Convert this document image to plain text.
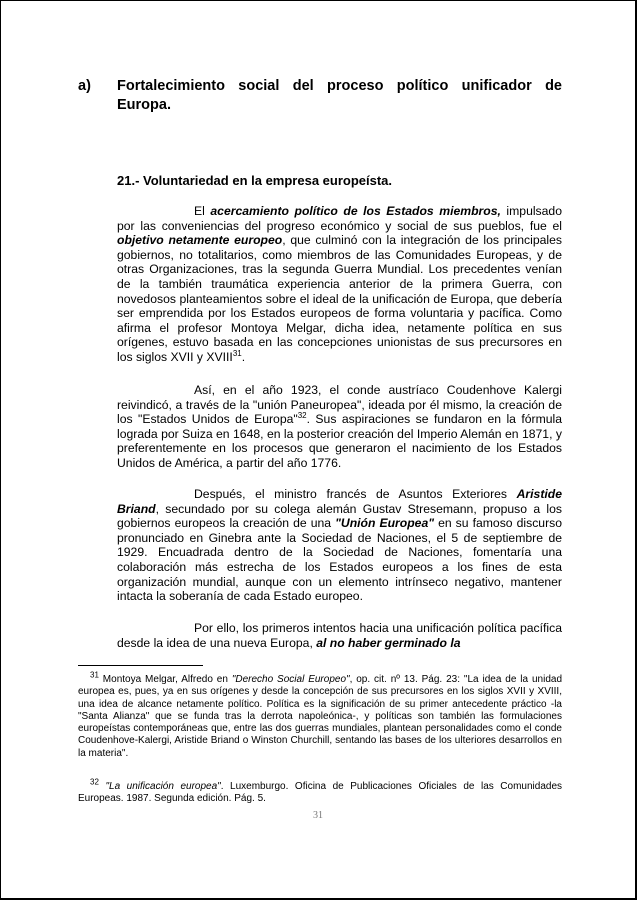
a) Fortalecimiento social del proceso político unificador de Europa.
21.- Voluntariedad en la empresa europeísta.
El acercamiento político de los Estados miembros, impulsado por las conveniencias del progreso económico y social de sus pueblos, fue el objetivo netamente europeo, que culminó con la integración de los principales gobiernos, no totalitarios, como miembros de las Comunidades Europeas, y de otras Organizaciones, tras la segunda Guerra Mundial. Los precedentes venían de la también traumática experiencia anterior de la primera Guerra, con novedosos planteamientos sobre el ideal de la unificación de Europa, que debería ser emprendida por los Estados europeos de forma voluntaria y pacífica. Como afirma el profesor Montoya Melgar, dicha idea, netamente política en sus orígenes, estuvo basada en las concepciones unionistas de sus precursores en los siglos XVII y XVIII$^{31}$.
Así, en el año 1923, el conde austríaco Coudenhove Kalergi reivindicó, a través de la "unión Paneuropea", ideada por él mismo, la creación de los "Estados Unidos de Europa"$^{32}$. Sus aspiraciones se fundaron en la fórmula lograda por Suiza en 1648, en la posterior creación del Imperio Alemán en 1871, y preferentemente en los procesos que generaron el nacimiento de los Estados Unidos de América, a partir del año 1776.
Después, el ministro francés de Asuntos Exteriores Aristide Briand, secundado por su colega alemán Gustav Stresemann, propuso a los gobiernos europeos la creación de una "Unión Europea" en su famoso discurso pronunciado en Ginebra ante la Sociedad de Naciones, el 5 de septiembre de 1929. Encuadrada dentro de la Sociedad de Naciones, fomentaría una colaboración más estrecha de los Estados europeos a los fines de esta organización mundial, aunque con un elemento intrínseco negativo, mantener intacta la soberanía de cada Estado europeo.
Por ello, los primeros intentos hacia una unificación política pacífica desde la idea de una nueva Europa, al no haber germinado la
$^{31}$ Montoya Melgar, Alfredo en "Derecho Social Europeo", op. cit. nº 13. Pág. 23: "La idea de la unidad europea es, pues, ya en sus orígenes y desde la concepción de sus precursores en los siglos XVII y XVIII, una idea de alcance netamente político. Política es la significación de su primer antecedente práctico -la "Santa Alianza" que se funda tras la derrota napoleónica-, y políticas son también las formulaciones europeístas contemporáneas que, entre las dos guerras mundiales, plantean personalidades como el conde Coudenhove-Kalergi, Aristide Briand o Winston Churchill, sentando las bases de los ulteriores desarrollos en la materia".
$^{32}$ "La unificación europea". Luxemburgo. Oficina de Publicaciones Oficiales de las Comunidades Europeas. 1987. Segunda edición. Pág. 5.
31
